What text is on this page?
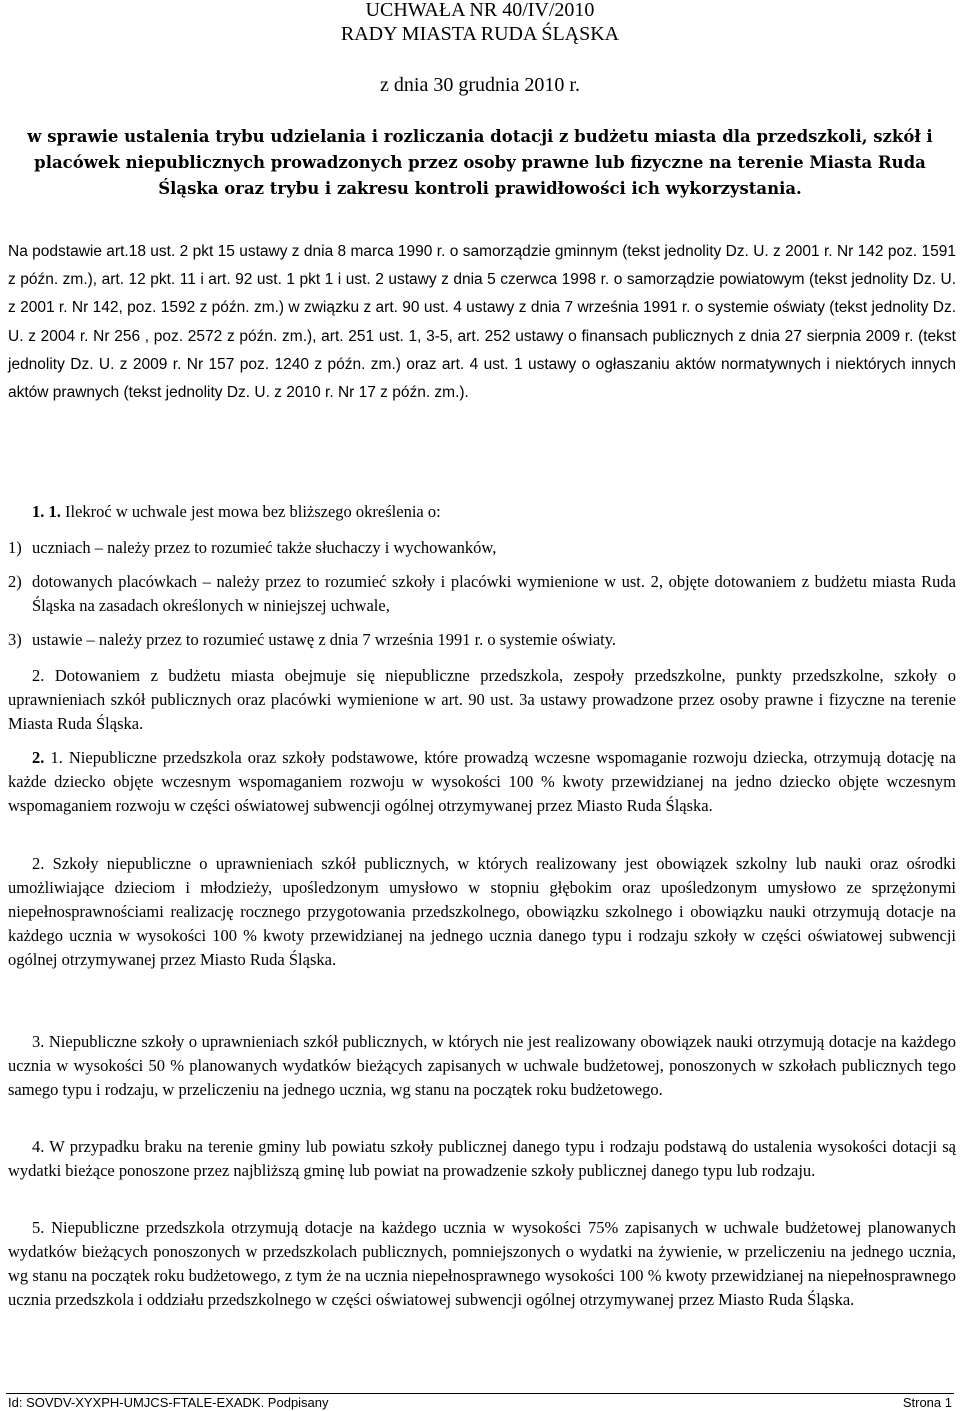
UCHWAŁA NR 40/IV/2010
RADY MIASTA RUDA ŚLĄSKA
z dnia 30 grudnia 2010 r.
w sprawie ustalenia trybu udzielania i rozliczania dotacji z budżetu miasta dla przedszkoli, szkół i placówek niepublicznych prowadzonych przez osoby prawne lub fizyczne na terenie Miasta Ruda Śląska oraz trybu i zakresu kontroli prawidłowości ich wykorzystania.
Na podstawie art.18 ust. 2 pkt 15 ustawy z dnia 8 marca 1990 r. o samorządzie gminnym (tekst jednolity Dz. U. z 2001 r. Nr 142 poz. 1591 z późn. zm.), art. 12 pkt. 11 i art. 92 ust. 1 pkt 1 i ust. 2 ustawy z dnia 5 czerwca 1998 r. o samorządzie powiatowym (tekst jednolity Dz. U. z 2001 r. Nr 142, poz. 1592 z późn. zm.) w związku z art. 90 ust. 4 ustawy z dnia 7 września 1991 r. o systemie oświaty (tekst jednolity Dz. U. z 2004 r. Nr 256 , poz. 2572 z późn. zm.), art. 251 ust. 1, 3-5, art. 252 ustawy o finansach publicznych z dnia 27 sierpnia 2009 r. (tekst jednolity Dz. U. z 2009 r. Nr 157 poz. 1240 z późn. zm.) oraz art. 4 ust. 1 ustawy o ogłaszaniu aktów normatywnych i niektórych innych aktów prawnych (tekst jednolity Dz. U. z 2010 r. Nr 17 z późn. zm.).

1. 1. Ilekroć w uchwale jest mowa bez bliższego określenia o:

1) uczniach – należy przez to rozumieć także słuchaczy i wychowanków,
2) dotowanych placówkach – należy przez to rozumieć szkoły i placówki wymienione w ust. 2, objęte dotowaniem z budżetu miasta Ruda Śląska na zasadach określonych w niniejszej uchwale,
3) ustawie – należy przez to rozumieć ustawę z dnia 7 września 1991 r. o systemie oświaty.

2. Dotowaniem z budżetu miasta obejmuje się niepubliczne przedszkola, zespoły przedszkolne, punkty przedszkolne, szkoły o uprawnieniach szkół publicznych oraz placówki wymienione w art. 90 ust. 3a ustawy prowadzone przez osoby prawne i fizyczne na terenie Miasta Ruda Śląska.

2. 1. Niepubliczne przedszkola oraz szkoły podstawowe, które prowadzą wczesne wspomaganie rozwoju dziecka, otrzymują dotację na każde dziecko objęte wczesnym wspomaganiem rozwoju w wysokości 100 % kwoty przewidzianej na jedno dziecko objęte wczesnym wspomaganiem rozwoju w części oświatowej subwencji ogólnej otrzymywanej przez Miasto Ruda Śląska.

2. Szkoły niepubliczne o uprawnieniach szkół publicznych, w których realizowany jest obowiązek szkolny lub nauki oraz ośrodki umożliwiające dzieciom i młodzieży, upośledzonym umysłowo w stopniu głębokim oraz upośledzonym umysłowo ze sprzężonymi niepełnosprawnościami realizację rocznego przygotowania przedszkolnego, obowiązku szkolnego i obowiązku nauki otrzymują dotacje na każdego ucznia w wysokości 100 % kwoty przewidzianej na jednego ucznia danego typu i rodzaju szkoły w części oświatowej subwencji ogólnej otrzymywanej przez Miasto Ruda Śląska.

3. Niepubliczne szkoły o uprawnieniach szkół publicznych, w których nie jest realizowany obowiązek nauki otrzymują dotacje na każdego ucznia w wysokości 50 % planowanych wydatków bieżących zapisanych w uchwale budżetowej, ponoszonych w szkołach publicznych tego samego typu i rodzaju, w przeliczeniu na jednego ucznia, wg stanu na początek roku budżetowego.

4. W przypadku braku na terenie gminy lub powiatu szkoły publicznej danego typu i rodzaju podstawą do ustalenia wysokości dotacji są wydatki bieżące ponoszone przez najbliższą gminę lub powiat na prowadzenie szkoły publicznej danego typu lub rodzaju.

5. Niepubliczne przedszkola otrzymują dotacje na każdego ucznia w wysokości 75% zapisanych w uchwale budżetowej planowanych wydatków bieżących ponoszonych w przedszkolach publicznych, pomniejszonych o wydatki na żywienie, w przeliczeniu na jednego ucznia, wg stanu na początek roku budżetowego, z tym że na ucznia niepełnosprawnego wysokości 100 % kwoty przewidzianej na niepełnosprawnego ucznia przedszkola i oddziału przedszkolnego w części oświatowej subwencji ogólnej otrzymywanej przez Miasto Ruda Śląska.

Id: SOVDV-XYXPH-UMJCS-FTALE-EXADK. Podpisany	Strona 1
